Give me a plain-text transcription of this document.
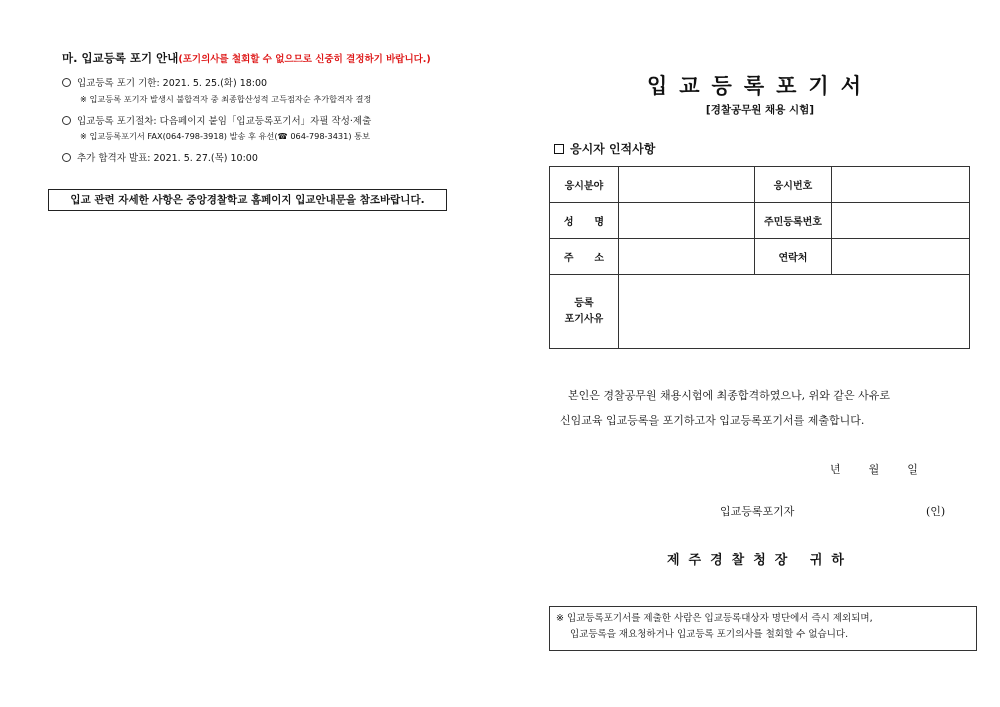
마. 입교등록 포기 안내(포기의사를 철회할 수 없으므로 신중히 결정하기 바랍니다.)
입교등록 포기 기한: 2021. 5. 25.(화) 18:00
※ 입교등록 포기자 발생시 불합격자 중 최종합산성적 고득점자순 추가합격자 결정
입교등록 포기절차: 다음페이지 붙임「입교등록포기서」자필 작성·제출
※ 입교등록포기서 FAX(064-798-3918) 발송 후 유선(☎ 064-798-3431) 통보
추가 합격자 발표: 2021. 5. 27.(목) 10:00
입교 관련 자세한 사항은 중앙경찰학교 홈페이지 입교안내문을 참조바랍니다.
입교등록포기서
[경찰공무원 채용 시험]
응시자 인적사항
응시분야		응시번호	
성      명		주민등록번호	
주      소		연락처	
등록
포기사유			
본인은 경찰공무원 채용시험에 최종합격하였으나, 위와 같은 사유로
신임교육 입교등록을 포기하고자 입교등록포기서를 제출합니다.
년        월        일
입교등록포기자	(인)
제주경찰청장 귀하
※ 입교등록포기서를 제출한 사람은 입교등록대상자 명단에서 즉시 제외되며,
입교등록을 재요청하거나 입교등록 포기의사를 철회할 수 없습니다.
